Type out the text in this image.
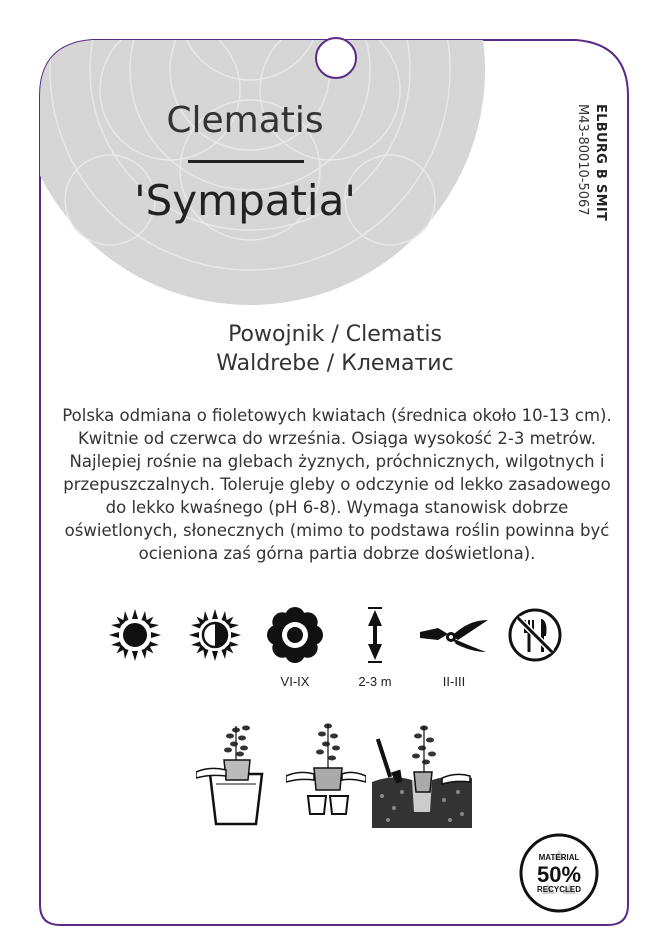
Clematis
'Sympatia'	ELBURG B SMIT
M43-80010-5067
Powojnik / Clematis
Waldrebe / Клематис
Polska odmiana o fioletowych kwiatach (średnica około 10-13 cm). Kwitnie od czerwca do września. Osiąga wysokość 2-3 metrów. Najlepiej rośnie na glebach żyznych, próchnicznych, wilgotnych i przepuszczalnych. Toleruje gleby o odczynie od lekko zasadowego do lekko kwaśnego (pH 6-8). Wymaga stanowisk dobrze oświetlonych, słonecznych (mimo to podstawa roślin powinna być ocieniona zaś górna partia dobrze doświetlona).
VI-IX	2-3 m	II-III
MATERIAL
50%
RECYCLED
